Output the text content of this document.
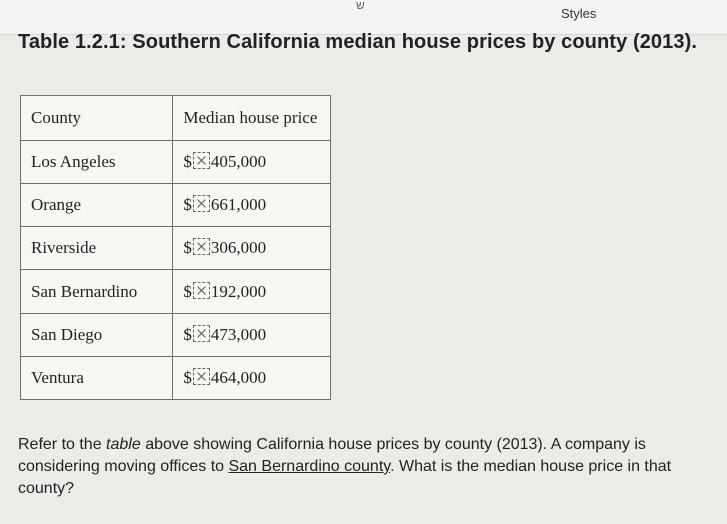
ש
Styles
Table 1.2.1: Southern California median house prices by county (2013).
County	Median house price
Los Angeles	$ 405,000
Orange	$ 661,000
Riverside	$ 306,000
San Bernardino	$ 192,000
San Diego	$ 473,000
Ventura	$ 464,000
Refer to the table above showing California house prices by county (2013). A company is
considering moving offices to San Bernardino county. What is the median house price in that
county?
